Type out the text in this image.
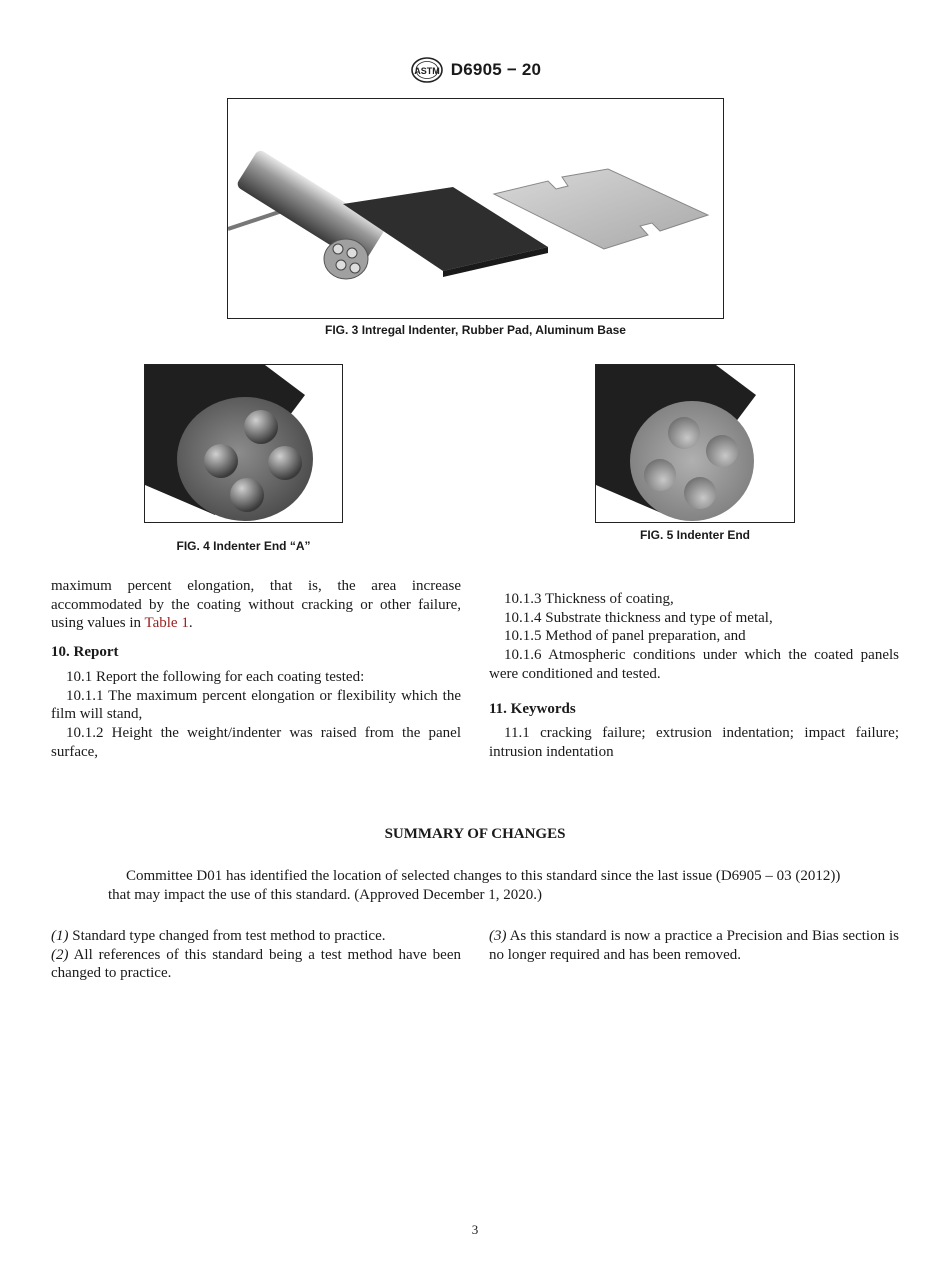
ASTM D6905 − 20
FIG. 3 Intregal Indenter, Rubber Pad, Aluminum Base
FIG. 4 Indenter End “A”
FIG. 5 Indenter End

maximum percent elongation, that is, the area increase accommodated by the coating without cracking or other failure, using values in Table 1.

10. Report

10.1 Report the following for each coating tested:

10.1.1 The maximum percent elongation or flexibility which the film will stand,

10.1.2 Height the weight/indenter was raised from the panel surface,

10.1.3 Thickness of coating,

10.1.4 Substrate thickness and type of metal,

10.1.5 Method of panel preparation, and

10.1.6 Atmospheric conditions under which the coated panels were conditioned and tested.

11. Keywords

11.1 cracking failure; extrusion indentation; impact failure; intrusion indentation

SUMMARY OF CHANGES

Committee D01 has identified the location of selected changes to this standard since the last issue (D6905 – 03 (2012)) that may impact the use of this standard. (Approved December 1, 2020.)

(1) Standard type changed from test method to practice.

(2) All references of this standard being a test method have been changed to practice.

(3) As this standard is now a practice a Precision and Bias section is no longer required and has been removed.

3
